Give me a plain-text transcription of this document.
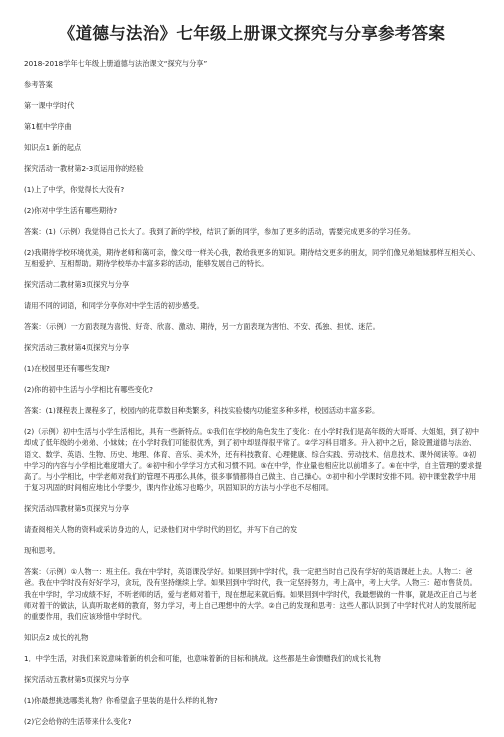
《道德与法治》七年级上册课文探究与分享参考答案

2018-2018学年七年级上册道德与法治课文“探究与分享”

参考答案

第一课中学时代

第1框中学序曲

知识点1 新的起点

探究活动一教材第2-3页运用你的经验

(1)上了中学，你觉得长大没有?

(2)你对中学生活有哪些期待?

答案：(1)（示例）我觉得自己长大了。我到了新的学校，结识了新的同学，参加了更多的活动，需要完成更多的学习任务。

(2)我期待学校环境优美，期待老师和蔼可亲，像父母一样关心我，教给我更多的知识。期待结交更多的朋友，同学们像兄弟姐妹那样互相关心、互相爱护、互相帮助。期待学校举办丰富多彩的活动，能够发展自己的特长。

探究活动二教材第3页探究与分享

请用不同的词语，和同学分享你对中学生活的初步感受。

答案：（示例）一方面表现为喜悦、好奇、欣喜、激动、期待，另一方面表现为害怕、不安、孤独、担忧、迷茫。

探究活动三教材第4页探究与分享

(1)在校园里还有哪些发现?

(2)你的初中生活与小学相比有哪些变化?

答案：(1)课程表上课程多了，校园内的花草数目种类繁多，科技实验楼内功能室多种多样，校园活动丰富多彩。

(2)（示例）初中生活与小学生活相比，具有一些新特点。①我们在学校的角色发生了变化：在小学时我们是高年级的大哥哥、大姐姐，到了初中却成了低年级的小弟弟、小妹妹；在小学时我们可能很优秀，到了初中却显得很平常了。②学习科目增多。升入初中之后，除设置道德与法治、语文、数学、英语、生物、历史、地理、体育、音乐、美术外，还有科技教育、心理健康、综合实践、劳动技术、信息技术、课外阅读等。③初中学习的内容与小学相比难度增大了。④初中和小学学习方式和习惯不同。⑤在中学，作业量也相应比以前增多了。⑥在中学，自主管理的要求提高了。与小学相比，中学老师对我们的管理不再那么具体，很多事情都得自己做主、自己操心。⑦初中和小学课时安排不同。初中课堂教学中用于复习巩固的时间相应地比小学要少，课内作业练习也略少，巩固知识的方法与小学也不尽相同。

探究活动四教材第5页探究与分享

请查阅相关人物的资料或采访身边的人，记录他们对中学时代的回忆，并写下自己的发

现和思考。

答案：（示例）①人物一：班主任。我在中学时，英语课没学好。如果回到中学时代，我一定把当时自己没有学好的英语课赶上去。人物二：爸爸。我在中学时没有好好学习，贪玩，没有坚持继续上学。如果回到中学时代，我一定坚持努力，考上高中，考上大学。人物三：超市售货员。我在中学时，学习成绩不好，不听老师的话，爱与老师对着干，现在想起来就后悔。如果回到中学时代，我最想做的一件事，就是改正自己与老师对着干的做法，认真听取老师的教育，努力学习，考上自己理想中的大学。②自己的发现和思考：这些人都认识到了中学时代对人的发展所起的重要作用，我们应该珍惜中学时代。

知识点2 成长的礼物

1．中学生活，对我们来说意味着新的机会和可能，也意味着新的目标和挑战。这些都是生命馈赠我们的成长礼物

探究活动五教材第5页探究与分享

(1)你最想挑选哪类礼物？你希望盒子里装的是什么样的礼物?

(2)它会给你的生活带来什么变化?
